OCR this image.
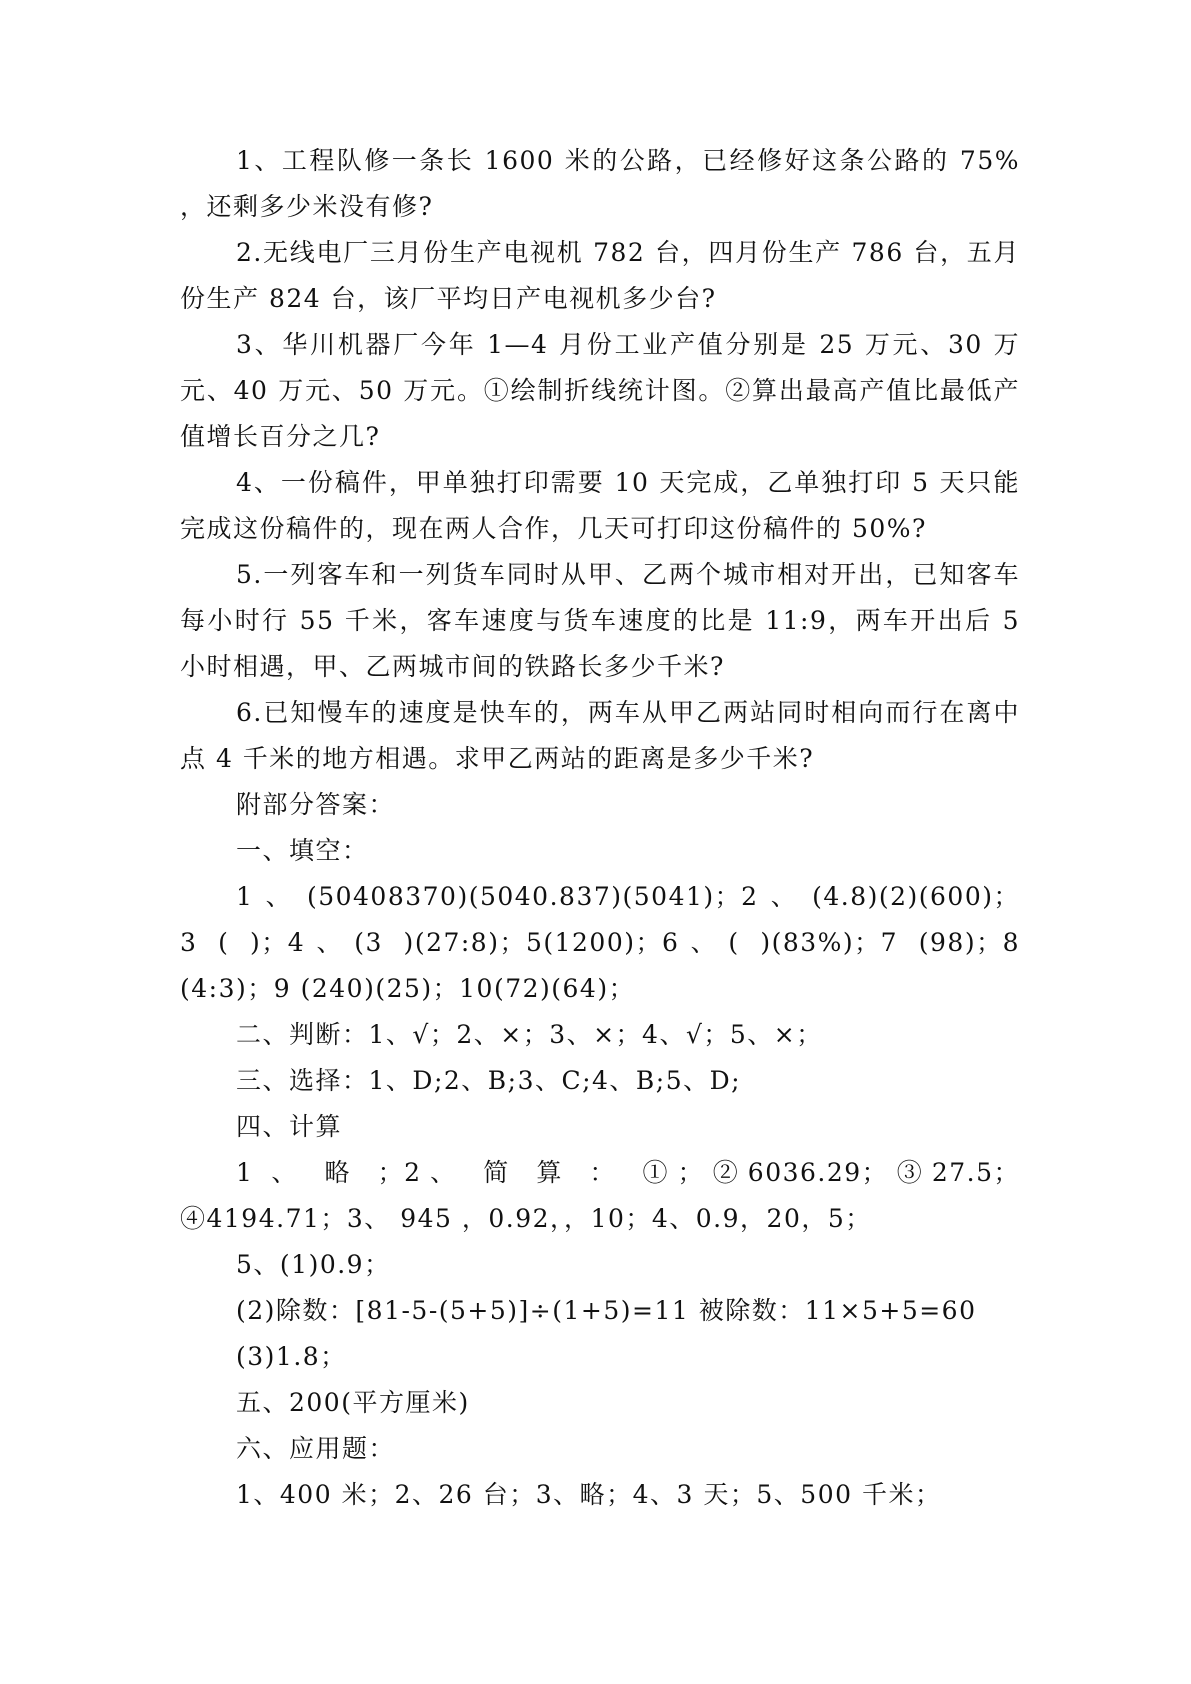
1、工程队修一条长 1600 米的公路，已经修好这条公路的 75% ，还剩多少米没有修?

2.无线电厂三月份生产电视机 782 台，四月份生产 786 台，五月份生产 824 台，该厂平均日产电视机多少台?

3、华川机器厂今年 1—4 月份工业产值分别是 25 万元、30 万元、40 万元、50 万元。①绘制折线统计图。②算出最高产值比最低产值增长百分之几?

4、一份稿件，甲单独打印需要 10 天完成，乙单独打印 5 天只能完成这份稿件的，现在两人合作，几天可打印这份稿件的 50%?

5.一列客车和一列货车同时从甲、乙两个城市相对开出，已知客车每小时行 55 千米，客车速度与货车速度的比是 11:9，两车开出后 5 小时相遇，甲、乙两城市间的铁路长多少千米?

6.已知慢车的速度是快车的，两车从甲乙两站同时相向而行在离中点 4 千米的地方相遇。求甲乙两站的距离是多少千米?

附部分答案：

一、填空：

1 、 (50408370)(5040.837)(5041)；2 、 (4.8)(2)(600)；3 ( )；4、(3 )(27:8)；5(1200)；6、( )(83%)；7 (98)；8 (4:3)；9 (240)(25)；10(72)(64)；

二、判断：1、√；2、×；3、×；4、√；5、×；

三、选择：1、D;2、B;3、C;4、B;5、D;

四、计算

1 、 略 ；2、 简 算 ： ①；②6036.29；③27.5；④4194.71；3、 945 ，0.92，，10；4、0.9，20，5；

5、(1)0.9；

(2)除数：[81-5-(5+5)]÷(1+5)=11 被除数：11×5+5=60

(3)1.8；

五、200(平方厘米)

六、应用题：

1、400 米；2、26 台；3、略；4、3 天；5、500 千米；
